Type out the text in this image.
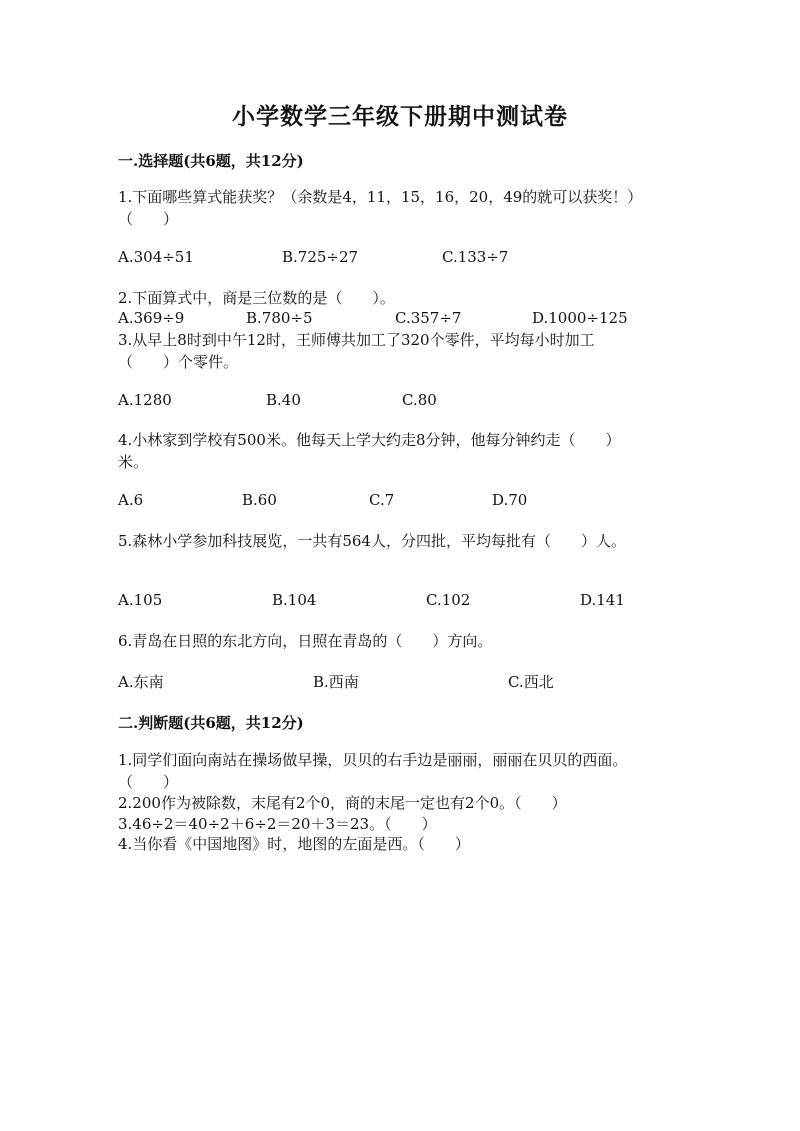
小学数学三年级下册期中测试卷
一.选择题(共6题，共12分)
1.下面哪些算式能获奖？（余数是4，11，15，16，20，49的就可以获奖！）
（　　）
A.304÷51	B.725÷27	C.133÷7
2.下面算式中，商是三位数的是（　　）。
A.369÷9	B.780÷5	C.357÷7	D.1000÷125
3.从早上8时到中午12时，王师傅共加工了320个零件，平均每小时加工
（　　）个零件。
A.1280	B.40	C.80
4.小林家到学校有500米。他每天上学大约走8分钟，他每分钟约走（　　）
米。
A.6	B.60	C.7	D.70
5.森林小学参加科技展览，一共有564人，分四批，平均每批有（　　）人。
A.105	B.104	C.102	D.141
6.青岛在日照的东北方向，日照在青岛的（　　）方向。
A.东南	B.西南	C.西北
二.判断题(共6题，共12分)
1.同学们面向南站在操场做早操，贝贝的右手边是丽丽，丽丽在贝贝的西面。
（　　）
2.200作为被除数，末尾有2个0，商的末尾一定也有2个0。（　　）
3.46÷2＝40÷2＋6÷2＝20＋3＝23。（　　）
4.当你看《中国地图》时，地图的左面是西。（　　）
